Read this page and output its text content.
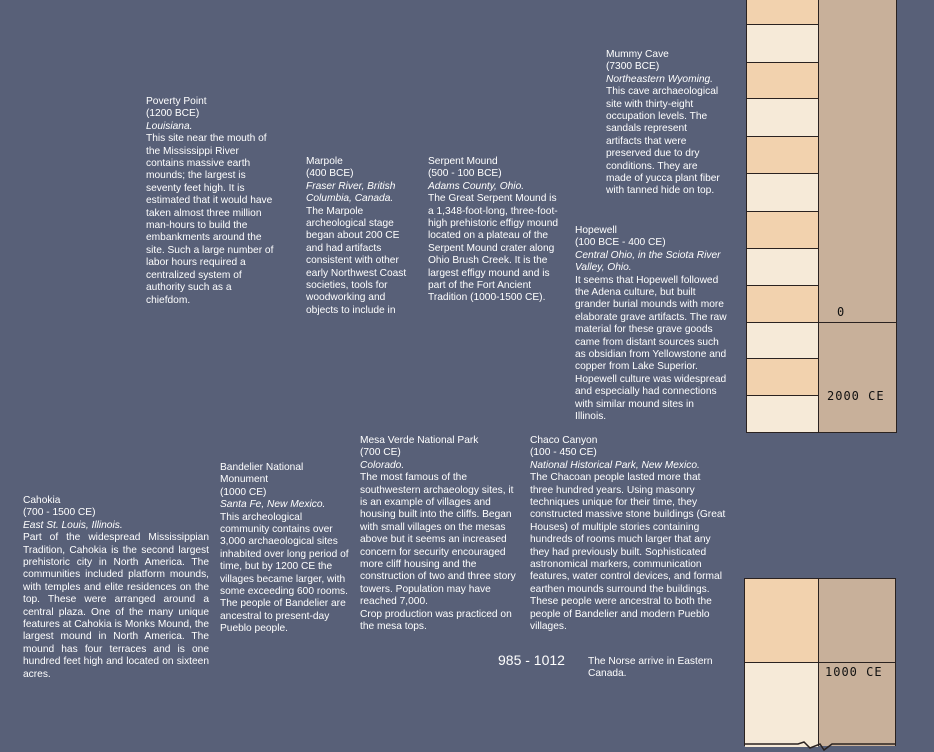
Poverty Point
(1200 BCE)
Louisiana.
This site near the mouth of the Mississippi River contains massive earth mounds; the largest is seventy feet high. It is estimated that it would have taken almost three million man-hours to build the embankments around the site. Such a large number of labor hours required a centralized system of authority such as a chiefdom.
Marpole
(400 BCE)
Fraser River, British Columbia, Canada.
The Marpole archeological stage began about 200 CE and had artifacts consistent with other early Northwest Coast societies, tools for woodworking and objects to include in
Serpent Mound
(500 - 100 BCE)
Adams County, Ohio.
The Great Serpent Mound is a 1,348-foot-long, three-foot-high prehistoric effigy mound located on a plateau of the Serpent Mound crater along Ohio Brush Creek. It is the largest effigy mound and is part of the Fort Ancient Tradition (1000-1500 CE).
Mummy Cave
(7300 BCE)
Northeastern Wyoming.
This cave archaeological site with thirty-eight occupation levels. The sandals represent artifacts that were preserved due to dry conditions. They are made of yucca plant fiber with tanned hide on top.
Hopewell
(100 BCE - 400 CE)
Central Ohio, in the Sciota River Valley, Ohio.
It seems that Hopewell followed the Adena culture, but built grander burial mounds with more elaborate grave artifacts. The raw material for these grave goods came from distant sources such as obsidian from Yellowstone and copper from Lake Superior. Hopewell culture was widespread and especially had connections with similar mound sites in Illinois.
Cahokia
(700 - 1500 CE)
East St. Louis, Illinois.
Part of the widespread Mississippian Tradition, Cahokia is the second largest prehistoric city in North America. The communities included platform mounds, with temples and elite residences on the top. These were arranged around a central plaza. One of the many unique features at Cahokia is Monks Mound, the largest mound in North America. The mound has four terraces and is one hundred feet high and located on sixteen acres.
Bandelier National Monument
(1000 CE)
Santa Fe, New Mexico.
This archeological community contains over 3,000 archaeological sites inhabited over long period of time, but by 1200 CE the villages became larger, with some exceeding 600 rooms. The people of Bandelier are ancestral to present-day Pueblo people.
Mesa Verde National Park
(700 CE)
Colorado.
The most famous of the southwestern archaeology sites, it is an example of villages and housing built into the cliffs. Began with small villages on the mesas above but it seems an increased concern for security encouraged more cliff housing and the construction of two and three story towers. Population may have reached 7,000.
Crop production was practiced on the mesa tops.
Chaco Canyon
(100 - 450 CE)
National Historical Park, New Mexico.
The Chacoan people lasted more that three hundred years. Using masonry techniques unique for their time, they constructed massive stone buildings (Great Houses) of multiple stories containing hundreds of rooms much larger that any they had previously built. Sophisticated astronomical markers, communication features, water control devices, and formal earthen mounds surround the buildings. These people were ancestral to both the people of Bandelier and modern Pueblo villages.
985 - 1012 The Norse arrive in Eastern Canada.
0
2000 CE
1000 CE
